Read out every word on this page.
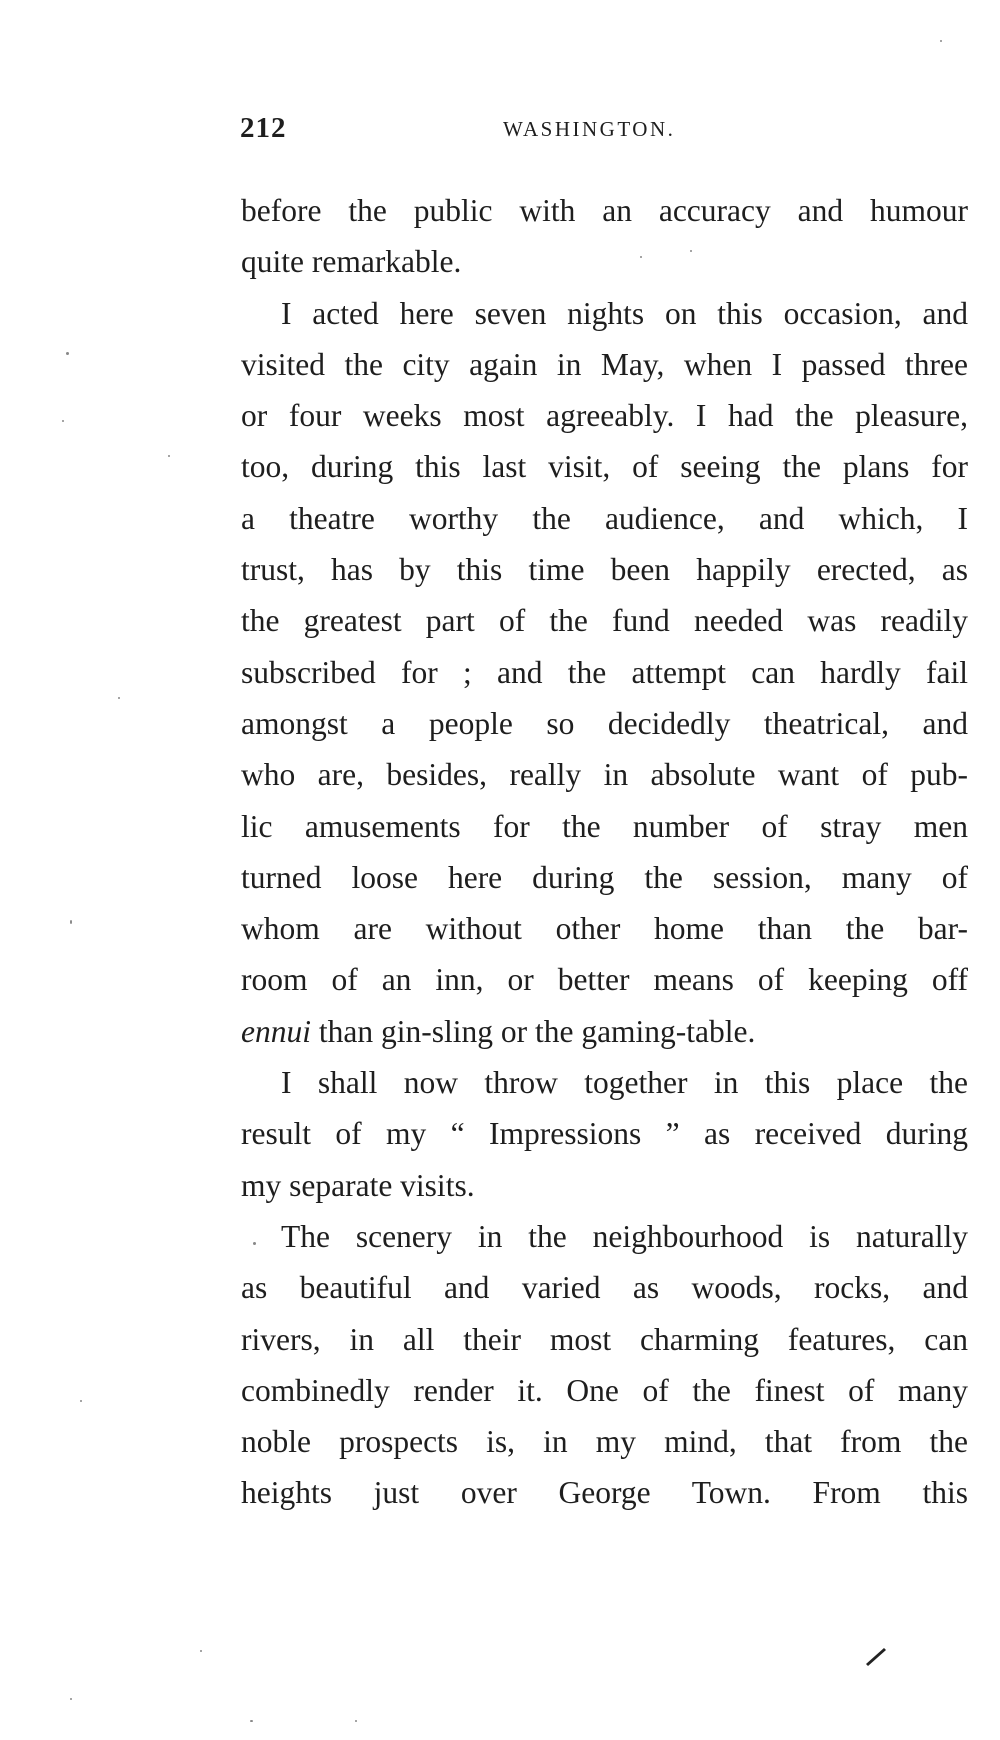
212	WASHINGTON.
before the public with an accuracy and humour
quite remarkable.
I acted here seven nights on this occasion, and
visited the city again in May, when I passed three
or four weeks most agreeably. I had the pleasure,
too, during this last visit, of seeing the plans for
a theatre worthy the audience, and which, I
trust, has by this time been happily erected, as
the greatest part of the fund needed was readily
subscribed for ; and the attempt can hardly fail
amongst a people so decidedly theatrical, and
who are, besides, really in absolute want of pub-
lic amusements for the number of stray men
turned loose here during the session, many of
whom are without other home than the bar-
room of an inn, or better means of keeping off
ennui than gin-sling or the gaming-table.
I shall now throw together in this place the
result of my “ Impressions ” as received during
my separate visits.
The scenery in the neighbourhood is naturally
as beautiful and varied as woods, rocks, and
rivers, in all their most charming features, can
combinedly render it. One of the finest of many
noble prospects is, in my mind, that from the
heights just over George Town. From this
